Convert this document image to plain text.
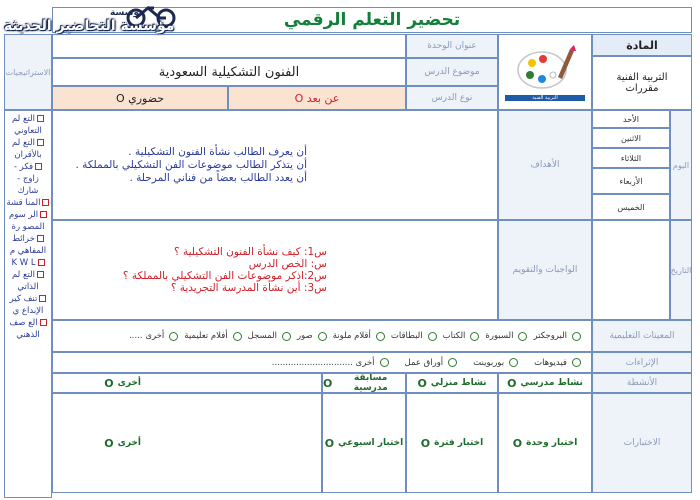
تحضير التعلم الرقمي
مؤسسة
مؤسسة التحاضير الحديثة
المادة
التربية الفنية
مقررات
التربية الفنية
عنوان الوحدة
موضوع الدرس
الفنون التشكيلية السعودية
نوع الدرس
عن بعد O
حضوري O
الاستراتيجيات
التع لم التعاوني
التع لم بالأقران
فكر - زاوج - شارك
المنا قشة
الر سوم المصو رة
خرائط المفاهي م
K W L
التع لم الذاتي
تنف كير الإبداع ي
الع صف الذهني
اليوم
الأحد
الاثنين
الثلاثاء
الأربعاء
الخميس
التاريخ
الأهداف
أن يعرف الطالب نشأة الفنون التشكيلية .
أن يتذكر الطالب موضوعات الفن التشكيلي بالمملكة .
أن يعدد الطالب بعضاً من فناني المرحلة .
الواجبات والتقويم
س1: كيف نشأة الفنون التشكيلية ؟
س: الخص الدرس
س2:اذكر موضوعات الفن التشكيلي بالمملكة ؟
س3: أين نشأة المدرسة التجريدية ؟
المعينات التعليمية
البروجكتر
السبورة
الكتاب
البطاقات
أقلام ملونة
صور
المسجل
أفلام تعليمية
أخرى .....
الإثراءات
فيديوهات
بوربوينت
أوراق عمل
أخرى ..............................
الأنشطة
نشاط مدرسي
O
نشاط منزلي
O
مسابقة مدرسية
O
أخرى
O
الاختبارات
اختبار وحدة
O
اختبار فترة
O
اختبار اسبوعي
O
أخرى
O
